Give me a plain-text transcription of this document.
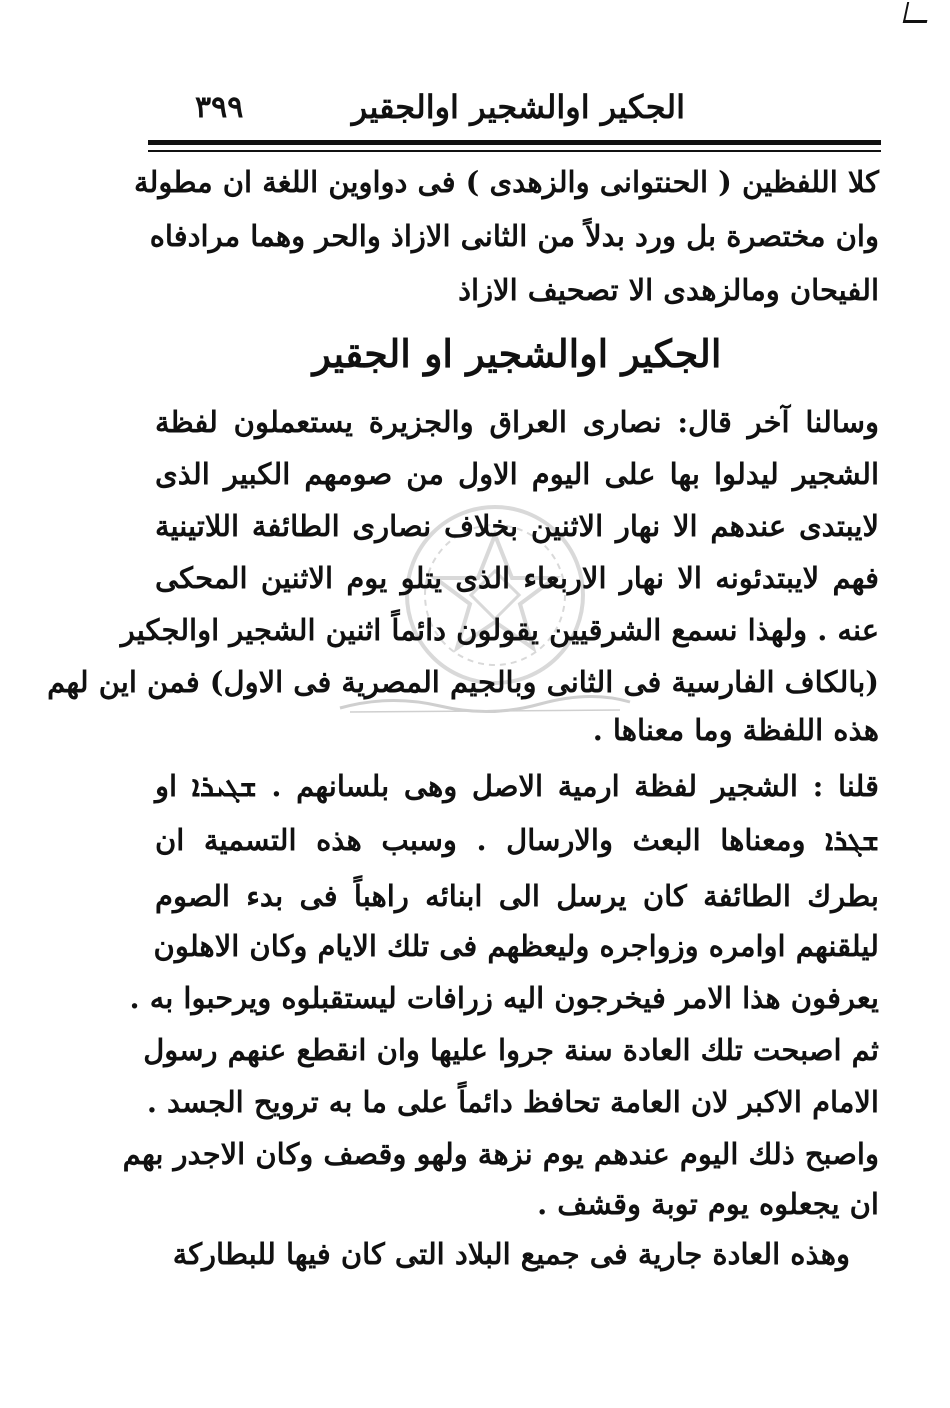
الجكير اوالشجير اوالجقير
٣٩٩
كلا اللفظين ( الحنتوانى والزهدى ) فى دواوين اللغة ان مطولة
وان مختصرة بل ورد بدلاً من الثانى الازاذ والحر وهما مرادفاه
الفيحان ومالزهدى الا تصحيف الازاذ
الجكير اوالشجير او الجقير
وسالنا آخر قال: نصارى العراق والجزيرة يستعملون لفظة
الشجير ليدلوا بها على اليوم الاول من صومهم الكبير الذى
لايبتدى عندهم الا نهار الاثنين بخلاف نصارى الطائفة اللاتينية
فهم لايبتدئونه الا نهار الاربعاء الذى يتلو يوم الاثنين المحكى
عنه . ولهذا نسمع الشرقيين يقولون دائماً اثنين الشجير اوالجكير
(بالكاف الفارسية فى الثانى وبالجيم المصرية فى الاول) فمن اين لهم
هذه اللفظة وما معناها .
قلنا : الشجير لفظة ارمية الاصل وهى بلسانهم . ܫܓܝܪܐ او
ܫܓܪܐ ومعناها البعث والارسال . وسبب هذه التسمية ان
بطرك الطائفة كان يرسل الى ابنائه راهباً فى بدء الصوم
ليلقنهم اوامره وزواجره وليعظهم فى تلك الايام وكان الاهلون
يعرفون هذا الامر فيخرجون اليه زرافات ليستقبلوه ويرحبوا به .
ثم اصبحت تلك العادة سنة جروا عليها وان انقطع عنهم رسول
الامام الاكبر لان العامة تحافظ دائماً على ما به ترويح الجسد .
واصبح ذلك اليوم عندهم يوم نزهة ولهو وقصف وكان الاجدر بهم
ان يجعلوه يوم توبة وقشف .
وهذه العادة جارية فى جميع البلاد التى كان فيها للبطاركة
